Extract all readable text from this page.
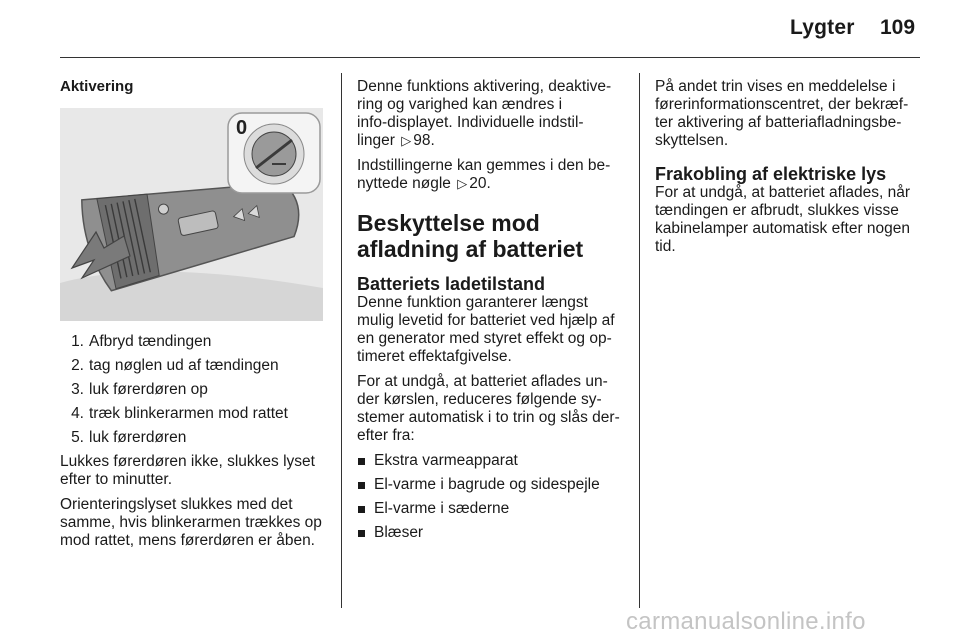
Lygter 109
Aktivering
0
1. Afbryd tændingen
2. tag nøglen ud af tændingen
3. luk førerdøren op
4. træk blinkerarmen mod rattet
5. luk førerdøren

Lukkes førerdøren ikke, slukkes lyset efter to minutter.

Orienteringslyset slukkes med det samme, hvis blinkerarmen trækkes op mod rattet, mens førerdøren er åben.

Denne funktions aktivering, deaktive-
ring og varighed kan ændres i
info-displayet. Individuelle indstil-
linger ▷ 98.

Indstillingerne kan gemmes i den be-
nyttede nøgle ▷ 20.

Beskyttelse mod afladning af batteriet
Batteriets ladetilstand

Denne funktion garanterer længst mulig levetid for batteriet ved hjælp af en generator med styret effekt og op-timeret effektafgivelse.

For at undgå, at batteriet aflades un-der kørslen, reduceres følgende sy-stemer automatisk i to trin og slås der-efter fra:

Ekstra varmeapparat
El-varme i bagrude og sidespejle
El-varme i sæderne
Blæser

På andet trin vises en meddelelse i førerinformationscentret, der bekræf-ter aktivering af batteriafladningsbe-skyttelsen.

Frakobling af elektriske lys

For at undgå, at batteriet aflades, når tændingen er afbrudt, slukkes visse kabinelamper automatisk efter nogen tid.

carmanualsonline.info
